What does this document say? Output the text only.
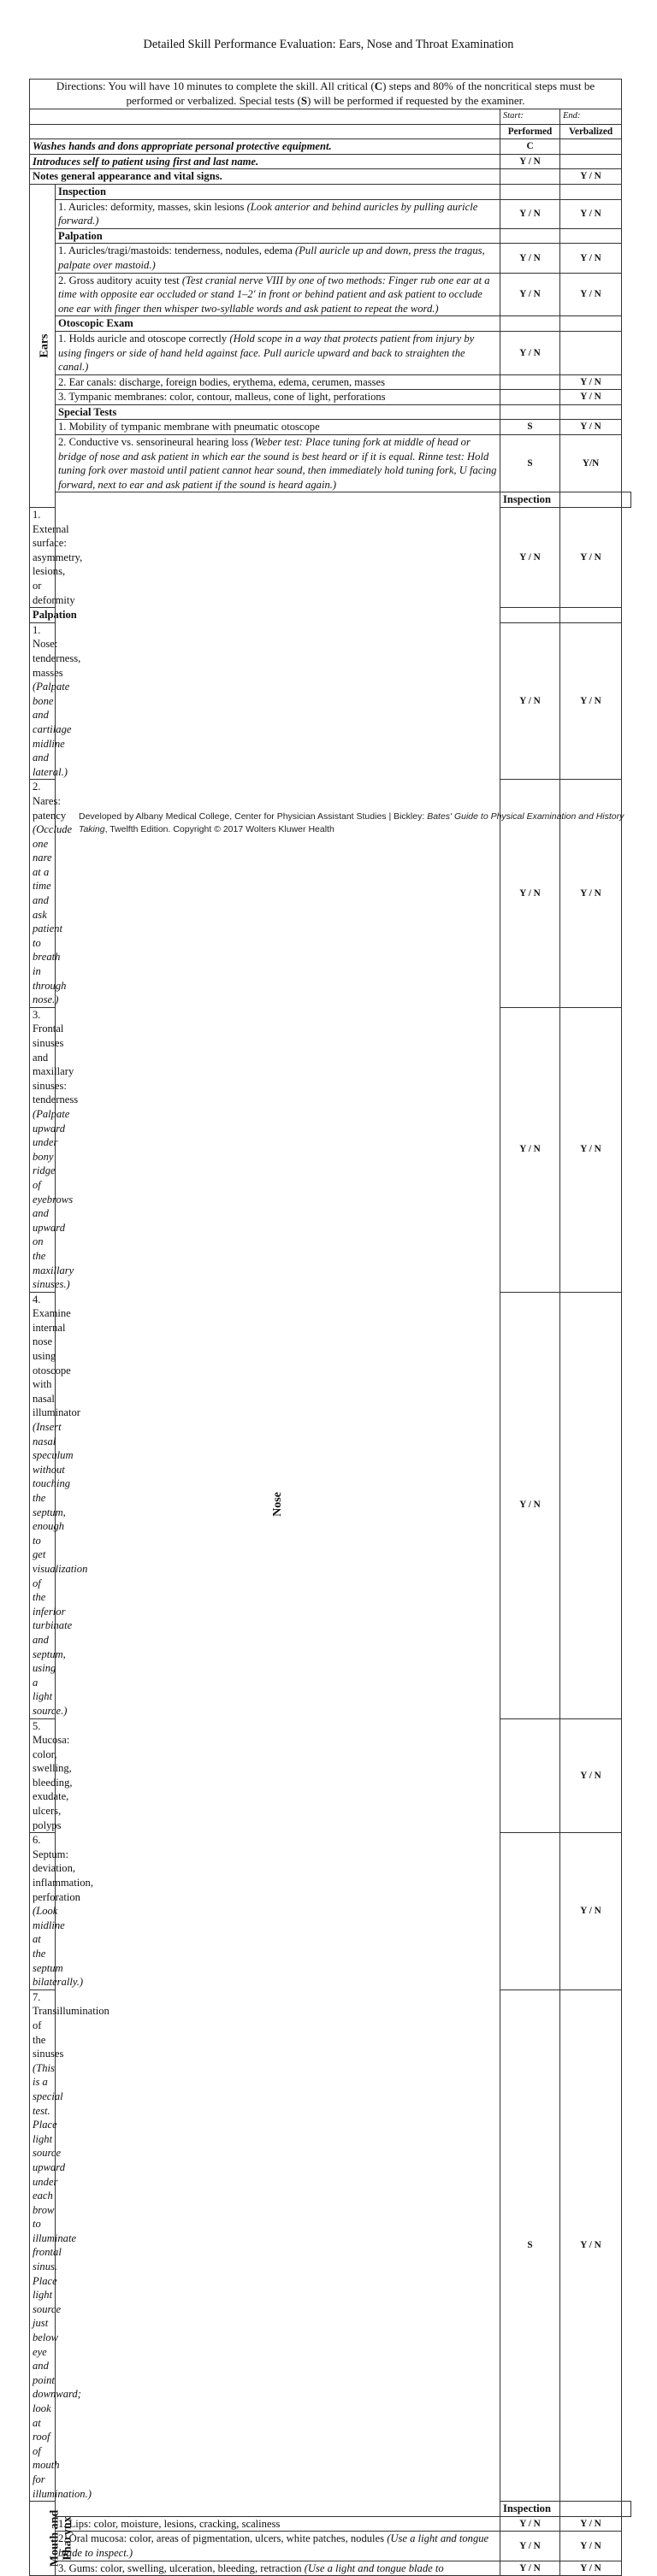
Detailed Skill Performance Evaluation: Ears, Nose and Throat Examination
Directions: You will have 10 minutes to complete the skill. All critical (C) steps and 80% of the noncritical steps must be performed or verbalized. Special tests (S) will be performed if requested by the examiner.				
		Start:	End:	
		Performed	Verbalized	
Washes hands and dons appropriate personal protective equipment.		C		
Introduces self to patient using first and last name.		Y / N		
Notes general appearance and vital signs.			Y / N	
Ears	Inspection			
	1. Auricles: deformity, masses, skin lesions (Look anterior and behind auricles by pulling auricle forward.)	Y / N	Y / N	
	Palpation			
	1. Auricles/tragi/mastoids: tenderness, nodules, edema (Pull auricle up and down, press the tragus, palpate over mastoid.)	Y / N	Y / N	
	2. Gross auditory acuity test (Test cranial nerve VIII by one of two methods: Finger rub one ear at a time with opposite ear occluded or stand 1–2′ in front or behind patient and ask patient to occlude one ear with finger then whisper two-syllable words and ask patient to repeat the word.)	Y / N	Y / N	
	Otoscopic Exam			
	1. Holds auricle and otoscope correctly (Hold scope in a way that protects patient from injury by using fingers or side of hand held against face. Pull auricle upward and back to straighten the canal.)	Y / N		
	2. Ear canals: discharge, foreign bodies, erythema, edema, cerumen, masses		Y / N	
	3. Tympanic membranes: color, contour, malleus, cone of light, perforations		Y / N	
	Special Tests			
	1. Mobility of tympanic membrane with pneumatic otoscope	S	Y / N	
	2. Conductive vs. sensorineural hearing loss (Weber test: Place tuning fork at middle of head or bridge of nose and ask patient in which ear the sound is best heard or if it is equal. Rinne test: Hold tuning fork over mastoid until patient cannot hear sound, then immediately hold tuning fork, U facing forward, next to ear and ask patient if the sound is heard again.)	S	Y/N	
	Nose	Inspection		
1. External surface: asymmetry, lesions, or deformity		Y / N	Y / N	
Palpation				
1. Nose: tenderness, masses (Palpate bone and cartilage midline and lateral.)		Y / N	Y / N	
2. Nares: patency (Occlude one nare at a time and ask patient to breath in through nose.)		Y / N	Y / N	
3. Frontal sinuses and maxillary sinuses: tenderness (Palpate upward under bony ridge of eyebrows and upward on the maxillary sinuses.)		Y / N	Y / N	
4. Examine internal nose using otoscope with nasal illuminator (Insert nasal speculum without touching the septum, enough to get visualization of the inferior turbinate and septum, using a light source.)		Y / N		
5. Mucosa: color, swelling, bleeding, exudate, ulcers, polyps			Y / N	
6. Septum: deviation, inflammation, perforation (Look midline at the septum bilaterally.)			Y / N	
7. Transillumination of the sinuses (This is a special test. Place light source upward under each brow to illuminate frontal sinus. Place light source just below eye and point downward; look at roof of mouth for illumination.)		S	Y / N	
Mouth and
Pharynx		Inspection		
	1. Lips: color, moisture, lesions, cracking, scaliness	Y / N	Y / N	
	2. Oral mucosa: color, areas of pigmentation, ulcers, white patches, nodules (Use a light and tongue blade to inspect.)	Y / N	Y / N	
	3. Gums: color, swelling, ulceration, bleeding, retraction (Use a light and tongue blade to	Y / N	Y / N	
Developed by Albany Medical College, Center for Physician Assistant Studies | Bickley: Bates' Guide to Physical Examination and History Taking, Twelfth Edition. Copyright © 2017 Wolters Kluwer Health
